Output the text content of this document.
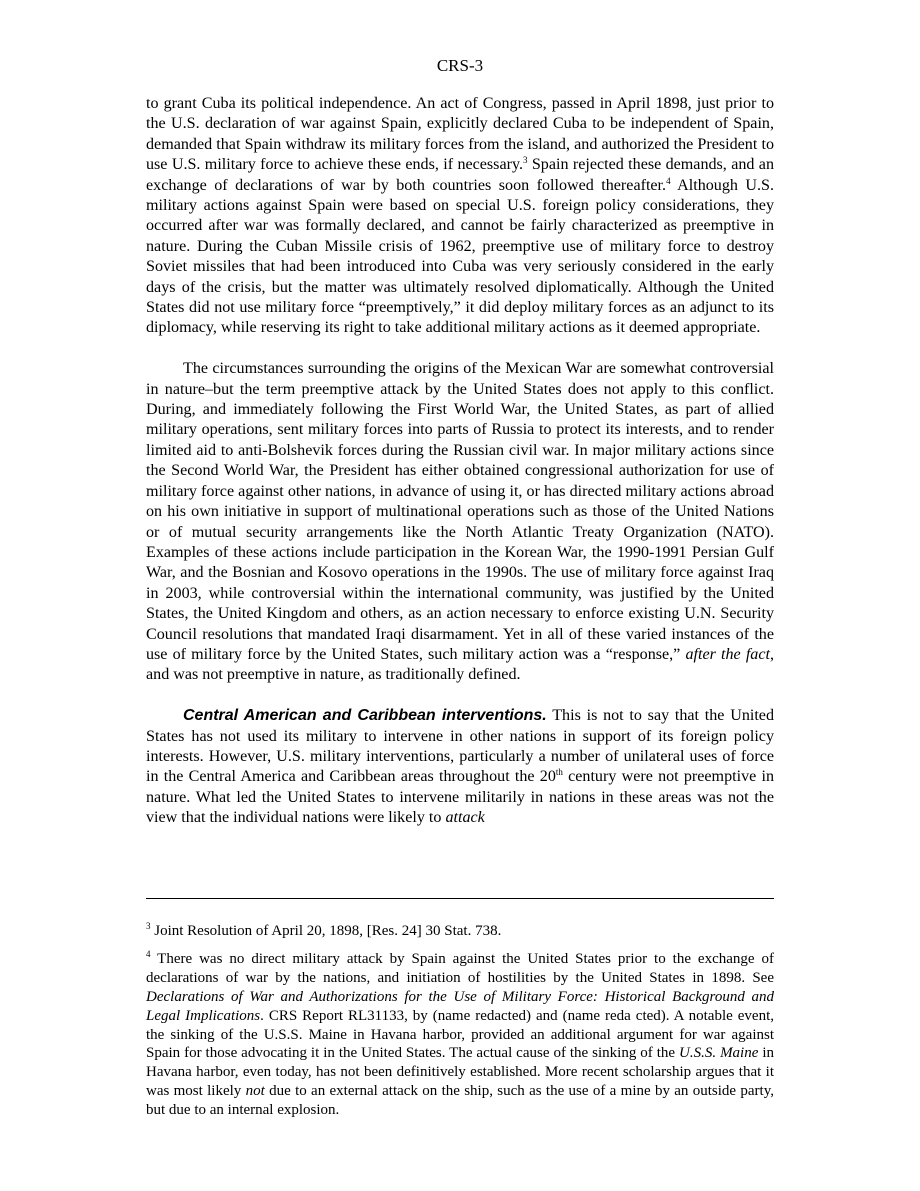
CRS-3

to grant Cuba its political independence. An act of Congress, passed in April 1898, just prior to the U.S. declaration of war against Spain, explicitly declared Cuba to be independent of Spain, demanded that Spain withdraw its military forces from the island, and authorized the President to use U.S. military force to achieve these ends, if necessary.$^3$ Spain rejected these demands, and an exchange of declarations of war by both countries soon followed thereafter.$^4$ Although U.S. military actions against Spain were based on special U.S. foreign policy considerations, they occurred after war was formally declared, and cannot be fairly characterized as preemptive in nature. During the Cuban Missile crisis of 1962, preemptive use of military force to destroy Soviet missiles that had been introduced into Cuba was very seriously considered in the early days of the crisis, but the matter was ultimately resolved diplomatically. Although the United States did not use military force “preemptively,” it did deploy military forces as an adjunct to its diplomacy, while reserving its right to take additional military actions as it deemed appropriate.

The circumstances surrounding the origins of the Mexican War are somewhat controversial in nature–but the term preemptive attack by the United States does not apply to this conflict. During, and immediately following the First World War, the United States, as part of allied military operations, sent military forces into parts of Russia to protect its interests, and to render limited aid to anti-Bolshevik forces during the Russian civil war. In major military actions since the Second World War, the President has either obtained congressional authorization for use of military force against other nations, in advance of using it, or has directed military actions abroad on his own initiative in support of multinational operations such as those of the United Nations or of mutual security arrangements like the North Atlantic Treaty Organization (NATO). Examples of these actions include participation in the Korean War, the 1990-1991 Persian Gulf War, and the Bosnian and Kosovo operations in the 1990s. The use of military force against Iraq in 2003, while controversial within the international community, was justified by the United States, the United Kingdom and others, as an action necessary to enforce existing U.N. Security Council resolutions that mandated Iraqi disarmament. Yet in all of these varied instances of the use of military force by the United States, such military action was a “response,” after the fact, and was not preemptive in nature, as traditionally defined.

Central American and Caribbean interventions. This is not to say that the United States has not used its military to intervene in other nations in support of its foreign policy interests. However, U.S. military interventions, particularly a number of unilateral uses of force in the Central America and Caribbean areas throughout the 20th century were not preemptive in nature. What led the United States to intervene militarily in nations in these areas was not the view that the individual nations were likely to attack

$^3$ Joint Resolution of April 20, 1898, [Res. 24] 30 Stat. 738.

$^4$ There was no direct military attack by Spain against the United States prior to the exchange of declarations of war by the nations, and initiation of hostilities by the United States in 1898. See Declarations of War and Authorizations for the Use of Military Force: Historical Background and Legal Implications. CRS Report RL31133, by (name redacted) and (name reda cted). A notable event, the sinking of the U.S.S. Maine in Havana harbor, provided an additional argument for war against Spain for those advocating it in the United States. The actual cause of the sinking of the U.S.S. Maine in Havana harbor, even today, has not been definitively established. More recent scholarship argues that it was most likely not due to an external attack on the ship, such as the use of a mine by an outside party, but due to an internal explosion.
